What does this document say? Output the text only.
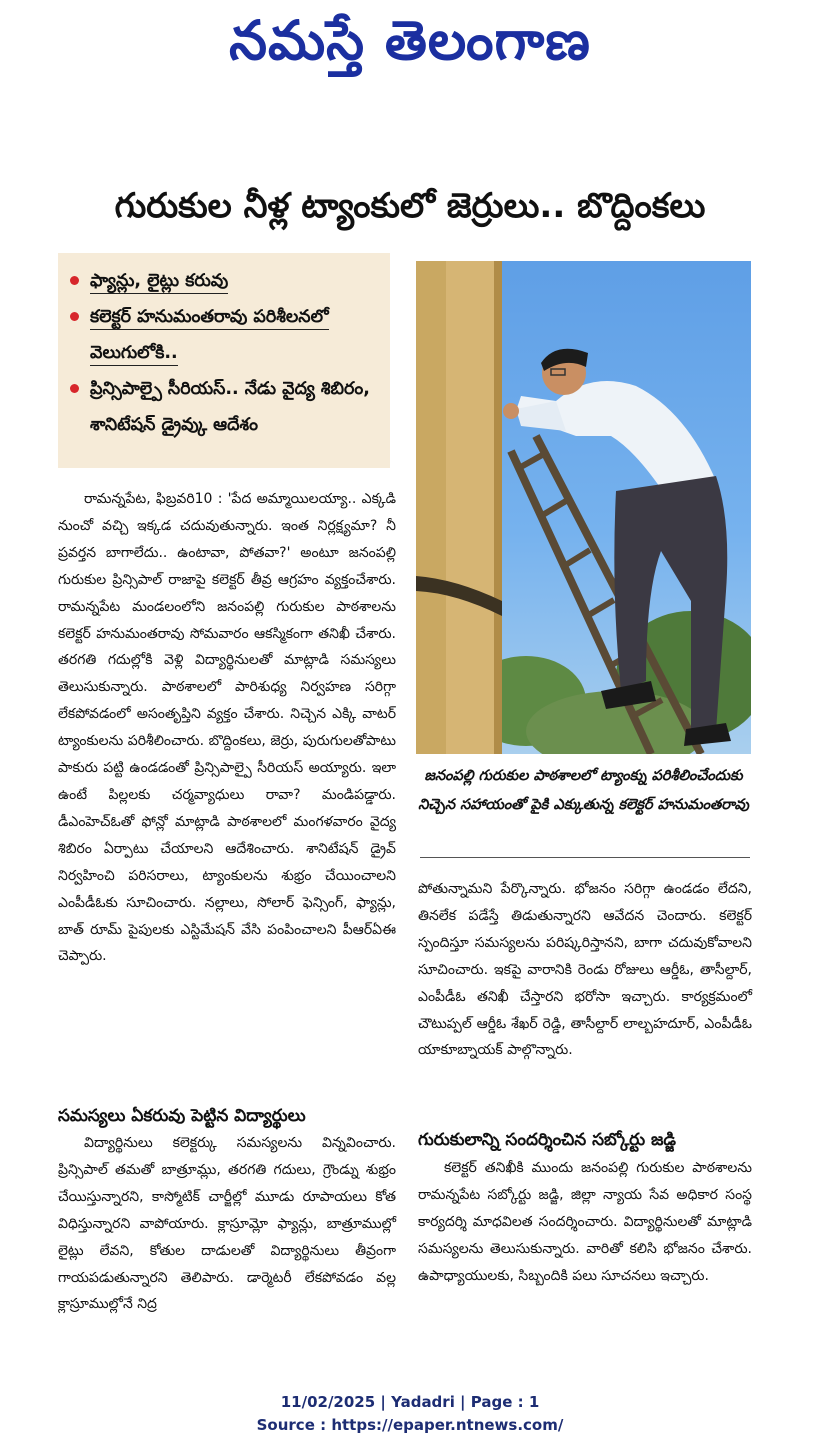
నమస్తే తెలంగాణ
గురుకుల నీళ్ల ట్యాంకులో జెర్రులు.. బొద్దింకలు
ఫ్యాన్లు, లైట్లు కరువు
కలెక్టర్ హనుమంతరావు పరిశీలనలో వెలుగులోకి..
ప్రిన్సిపాల్పై సీరియస్.. నేడు వైద్య శిబిరం, శానిటేషన్ డ్రైవ్కు ఆదేశం
జనంపల్లి గురుకుల పాఠశాలలో ట్యాంక్ను పరిశీలించేందుకు నిచ్చెన సహాయంతో పైకి ఎక్కుతున్న కలెక్టర్ హనుమంతరావు

రామన్నపేట, ఫిబ్రవరి10 : 'పేద అమ్మాయిలయ్యా.. ఎక్కడి నుంచో వచ్చి ఇక్కడ చదువుతున్నారు. ఇంత నిర్లక్ష్యమా? నీ ప్రవర్తన బాగాలేదు.. ఉంటావా, పోతవా?' అంటూ జనంపల్లి గురుకుల ప్రిన్సిపాల్ రాజాపై కలెక్టర్ తీవ్ర ఆగ్రహం వ్యక్తంచేశారు. రామన్నపేట మండలంలోని జనంపల్లి గురుకుల పాఠశాలను కలెక్టర్ హనుమంతరావు సోమవారం ఆకస్మికంగా తనిఖీ చేశారు. తరగతి గదుల్లోకి వెళ్లి విద్యార్థినులతో మాట్లాడి సమస్యలు తెలుసుకున్నారు. పాఠశాలలో పారిశుధ్య నిర్వహణ సరిగ్గా లేకపోవడంలో అసంతృప్తిని వ్యక్తం చేశారు. నిచ్చెన ఎక్కి వాటర్ ట్యాంకులను పరిశీలించారు. బొద్దింకలు, జెర్రు, పురుగులతోపాటు పాకురు పట్టి ఉండడంతో ప్రిన్సిపాల్పై సీరియస్ అయ్యారు. ఇలా ఉంటే పిల్లలకు చర్మవ్యాధులు రావా? మండిపడ్డారు. డీఎంహెచ్ఓతో ఫోన్లో మాట్లాడి పాఠశాలలో మంగళవారం వైద్య శిబిరం ఏర్పాటు చేయాలని ఆదేశించారు. శానిటేషన్ డ్రైవ్ నిర్వహించి పరిసరాలు, ట్యాంకులను శుభ్రం చేయించాలని ఎంపీడీఓకు సూచించారు. నల్లాలు, సోలార్ ఫెన్సింగ్, ఫ్యాన్లు, బాత్ రూమ్ పైపులకు ఎస్టిమేషన్ వేసి పంపించాలని పీఆర్ఏఈ చెప్పారు.

సమస్యలు ఏకరువు పెట్టిన విద్యార్థులు

విద్యార్థినులు కలెక్టర్కు సమస్యలను విన్నవించారు. ప్రిన్సిపాల్ తమతో బాత్రూమ్లు, తరగతి గదులు, గ్రౌండ్ను శుభ్రం చేయిస్తున్నారని, కాస్మోటిక్ చార్జీల్లో మూడు రూపాయలు కోత విధిస్తున్నారని వాపోయారు. క్లాస్రూమ్లో ఫ్యాన్లు, బాత్రూముల్లో లైట్లు లేవని, కోతుల దాడులతో విద్యార్థినులు తీవ్రంగా గాయపడుతున్నారని తెలిపారు. డార్మెటరీ లేకపోవడం వల్ల క్లాస్రూముల్లోనే నిద్ర

పోతున్నామని పేర్కొన్నారు. భోజనం సరిగ్గా ఉండడం లేదని, తినలేక పడేస్తే తిడుతున్నారని ఆవేదన చెందారు. కలెక్టర్ స్పందిస్తూ సమస్యలను పరిష్కరిస్తానని, బాగా చదువుకోవాలని సూచించారు. ఇకపై వారానికి రెండు రోజులు ఆర్డీఓ, తాసీల్దార్, ఎంపీడీఓ తనిఖీ చేస్తారని భరోసా ఇచ్చారు. కార్యక్రమంలో చౌటుప్పల్ ఆర్డీఓ శేఖర్ రెడ్డి, తాసీల్దార్ లాల్బహదూర్, ఎంపీడీఓ యాకూబ్నాయక్ పాల్గొన్నారు.

గురుకులాన్ని సందర్శించిన సబ్కోర్టు జడ్జి

కలెక్టర్ తనిఖీకి ముందు జనంపల్లి గురుకుల పాఠశాలను రామన్నపేట సబ్కోర్టు జడ్జి, జిల్లా న్యాయ సేవ అధికార సంస్థ కార్యదర్శి మాధవిలత సందర్శించారు. విద్యార్థినులతో మాట్లాడి సమస్యలను తెలుసుకున్నారు. వారితో కలిసి భోజనం చేశారు. ఉపాధ్యాయులకు, సిబ్బందికి పలు సూచనలు ఇచ్చారు.

11/02/2025 | Yadadri | Page : 1
Source : https://epaper.ntnews.com/
